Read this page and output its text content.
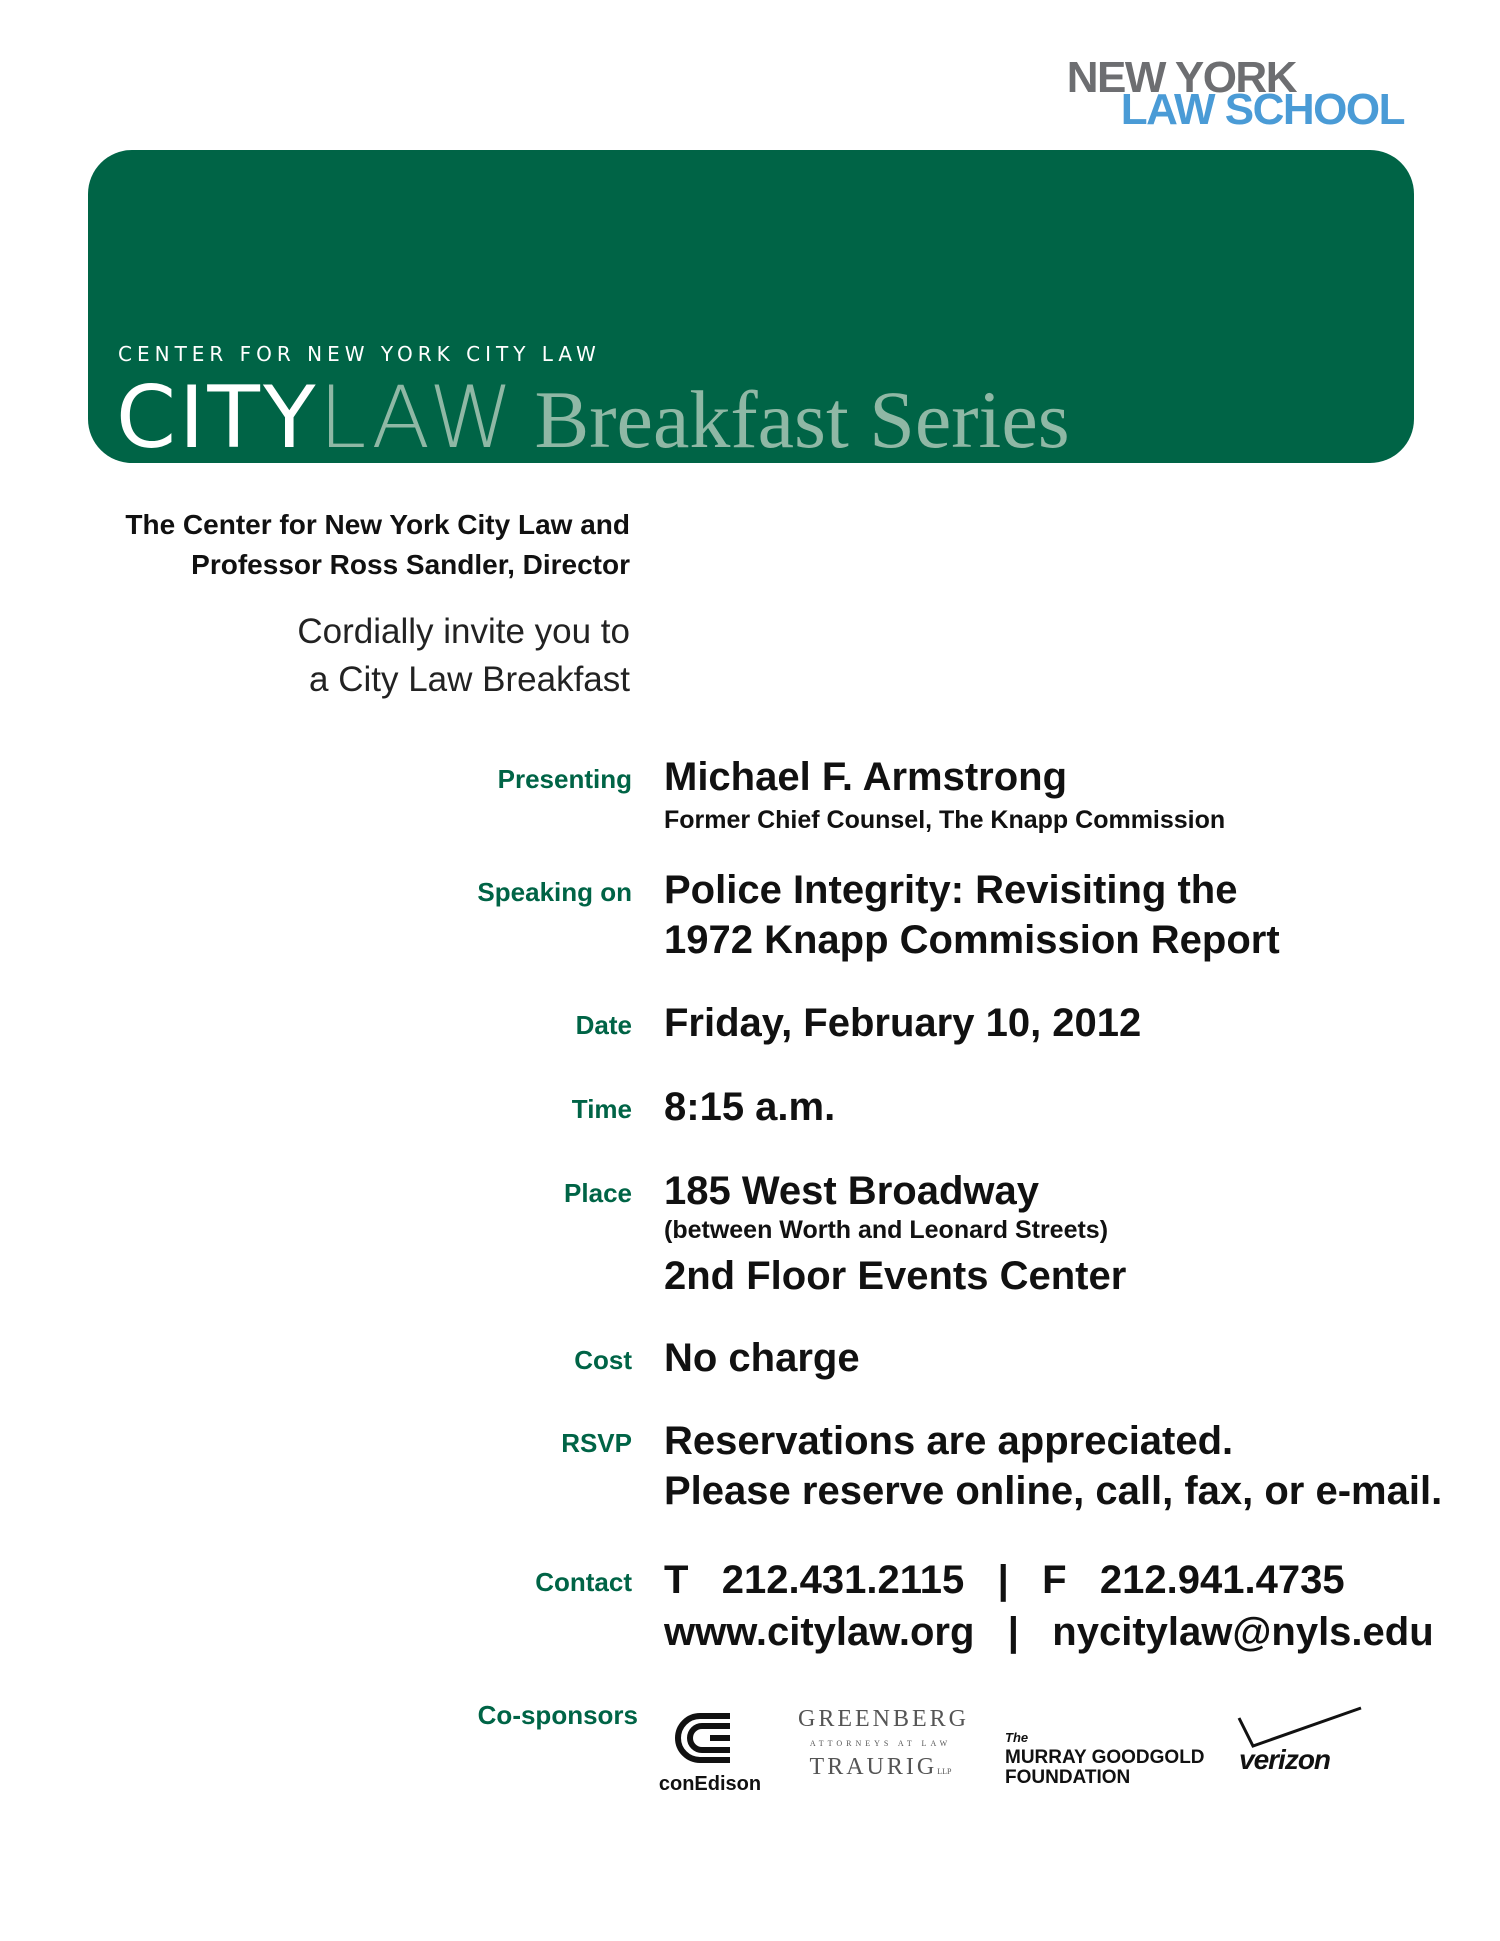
NEW YORK
LAW SCHOOL
CENTER FOR NEW YORK CITY LAW
CITYLAW Breakfast Series
The Center for New York City Law and
Professor Ross Sandler, Director
Cordially invite you to
a City Law Breakfast
Presenting Michael F. Armstrong
Former Chief Counsel, The Knapp Commission
Speaking on Police Integrity: Revisiting the
1972 Knapp Commission Report
Date Friday, February 10, 2012
Time 8:15 a.m.
Place 185 West Broadway
(between Worth and Leonard Streets)
2nd Floor Events Center
Cost No charge
RSVP Reservations are appreciated.
Please reserve online, call, fax, or e-mail.
Contact T   212.431.2115   |   F   212.941.4735
www.citylaw.org   |   nycitylaw@nyls.edu
Co-sponsors
conEdison
GREENBERG
ATTORNEYS AT LAW
TRAURIGLLP
The
MURRAY GOODGOLD
FOUNDATION
verizon
